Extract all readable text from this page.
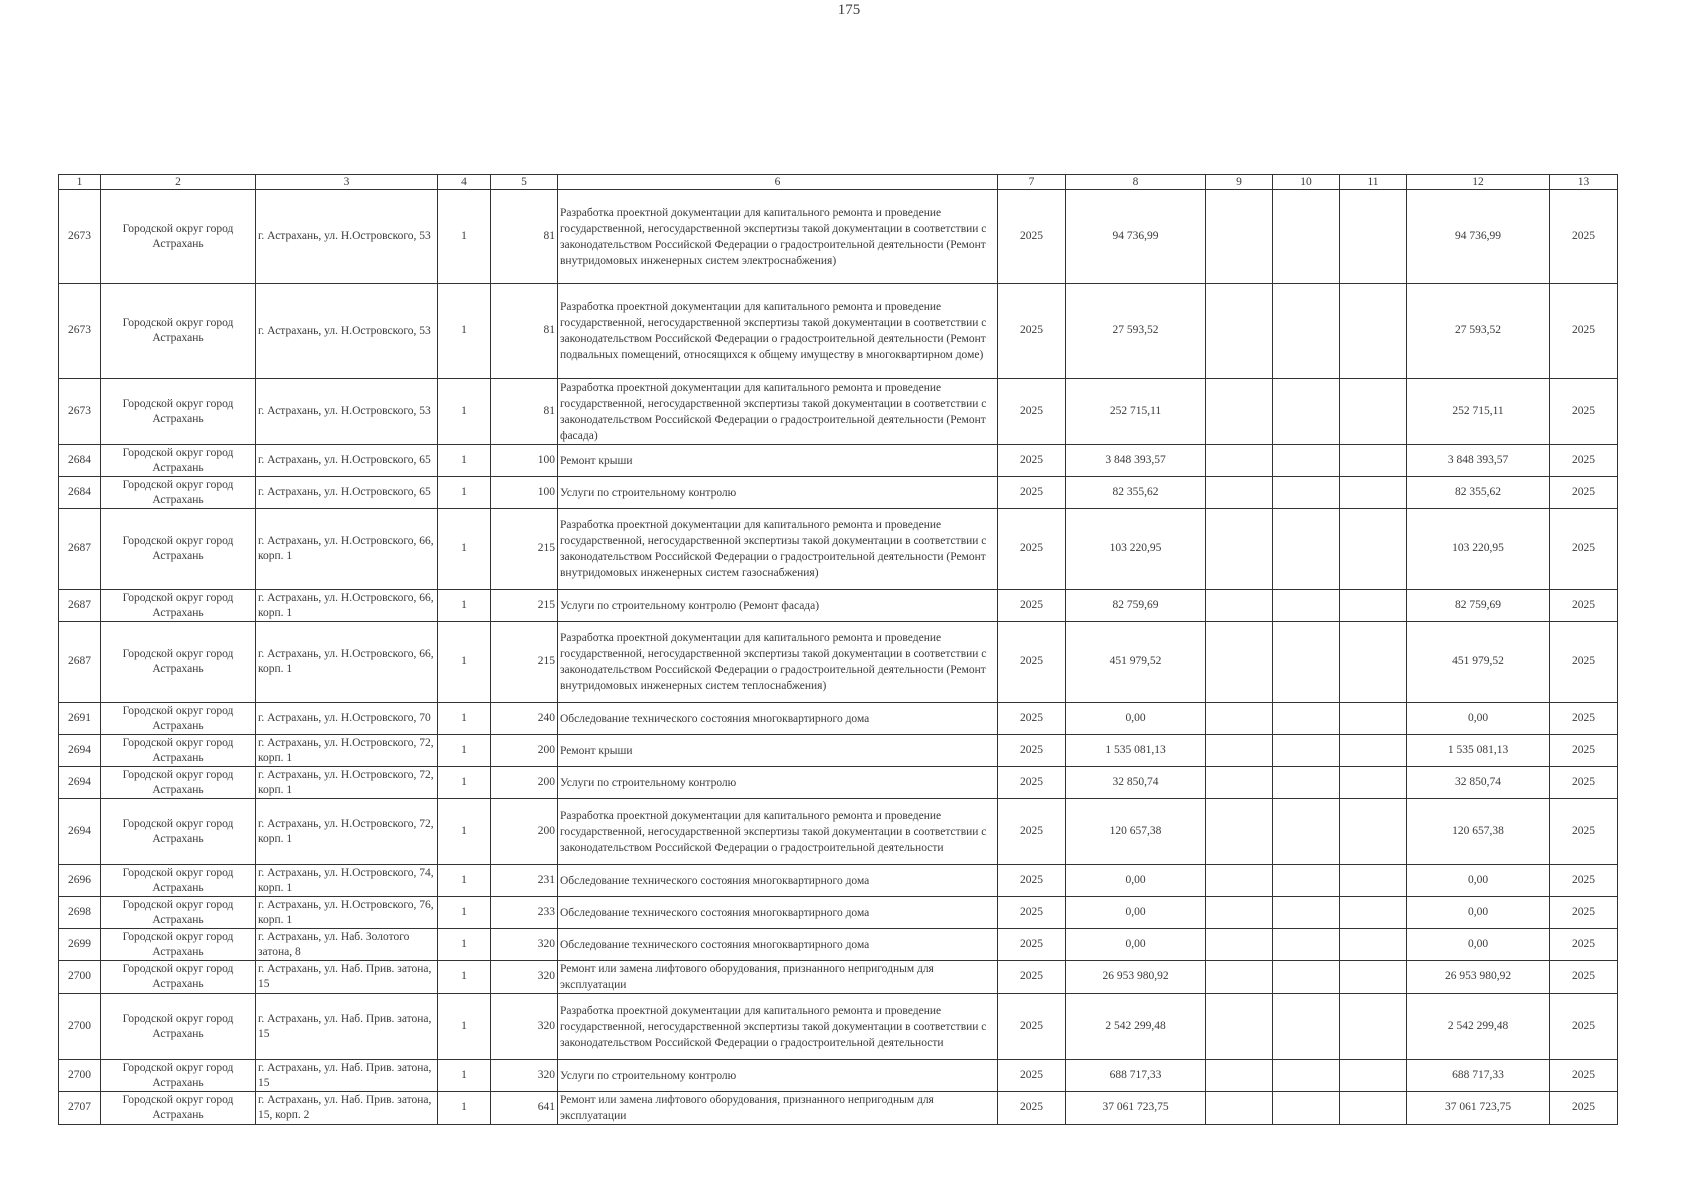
175
1	2	3	4	5	6	7	8	9	10	11	12	13
2673	Городской округ город Астрахань	г. Астрахань, ул. Н.Островского, 53	1	81	Разработка проектной документации для капитального ремонта и проведение государственной, негосударственной экспертизы такой документации в соответствии с законодательством Российской Федерации о градостроительной деятельности (Ремонт внутридомовых инженерных систем электроснабжения)	2025	94 736,99				94 736,99	2025
2673	Городской округ город Астрахань	г. Астрахань, ул. Н.Островского, 53	1	81	Разработка проектной документации для капитального ремонта и проведение государственной, негосударственной экспертизы такой документации в соответствии с законодательством Российской Федерации о градостроительной деятельности (Ремонт подвальных помещений, относящихся к общему имуществу в многоквартирном доме)	2025	27 593,52				27 593,52	2025
2673	Городской округ город Астрахань	г. Астрахань, ул. Н.Островского, 53	1	81	Разработка проектной документации для капитального ремонта и проведение государственной, негосударственной экспертизы такой документации в соответствии с законодательством Российской Федерации о градостроительной деятельности (Ремонт фасада)	2025	252 715,11				252 715,11	2025
2684	Городской округ город Астрахань	г. Астрахань, ул. Н.Островского, 65	1	100	Ремонт крыши	2025	3 848 393,57				3 848 393,57	2025
2684	Городской округ город Астрахань	г. Астрахань, ул. Н.Островского, 65	1	100	Услуги по строительному контролю	2025	82 355,62				82 355,62	2025
2687	Городской округ город Астрахань	г. Астрахань, ул. Н.Островского, 66, корп. 1	1	215	Разработка проектной документации для капитального ремонта и проведение государственной, негосударственной экспертизы такой документации в соответствии с законодательством Российской Федерации о градостроительной деятельности (Ремонт внутридомовых инженерных систем газоснабжения)	2025	103 220,95				103 220,95	2025
2687	Городской округ город Астрахань	г. Астрахань, ул. Н.Островского, 66, корп. 1	1	215	Услуги по строительному контролю (Ремонт фасада)	2025	82 759,69				82 759,69	2025
2687	Городской округ город Астрахань	г. Астрахань, ул. Н.Островского, 66, корп. 1	1	215	Разработка проектной документации для капитального ремонта и проведение государственной, негосударственной экспертизы такой документации в соответствии с законодательством Российской Федерации о градостроительной деятельности (Ремонт внутридомовых инженерных систем теплоснабжения)	2025	451 979,52				451 979,52	2025
2691	Городской округ город Астрахань	г. Астрахань, ул. Н.Островского, 70	1	240	Обследование технического состояния многоквартирного дома	2025	0,00				0,00	2025
2694	Городской округ город Астрахань	г. Астрахань, ул. Н.Островского, 72, корп. 1	1	200	Ремонт крыши	2025	1 535 081,13				1 535 081,13	2025
2694	Городской округ город Астрахань	г. Астрахань, ул. Н.Островского, 72, корп. 1	1	200	Услуги по строительному контролю	2025	32 850,74				32 850,74	2025
2694	Городской округ город Астрахань	г. Астрахань, ул. Н.Островского, 72, корп. 1	1	200	Разработка проектной документации для капитального ремонта и проведение государственной, негосударственной экспертизы такой документации в соответствии с законодательством Российской Федерации о градостроительной деятельности	2025	120 657,38				120 657,38	2025
2696	Городской округ город Астрахань	г. Астрахань, ул. Н.Островского, 74, корп. 1	1	231	Обследование технического состояния многоквартирного дома	2025	0,00				0,00	2025
2698	Городской округ город Астрахань	г. Астрахань, ул. Н.Островского, 76, корп. 1	1	233	Обследование технического состояния многоквартирного дома	2025	0,00				0,00	2025
2699	Городской округ город Астрахань	г. Астрахань, ул. Наб. Золотого затона, 8	1	320	Обследование технического состояния многоквартирного дома	2025	0,00				0,00	2025
2700	Городской округ город Астрахань	г. Астрахань, ул. Наб. Прив. затона, 15	1	320	Ремонт или замена лифтового оборудования, признанного непригодным для эксплуатации	2025	26 953 980,92				26 953 980,92	2025
2700	Городской округ город Астрахань	г. Астрахань, ул. Наб. Прив. затона, 15	1	320	Разработка проектной документации для капитального ремонта и проведение государственной, негосударственной экспертизы такой документации в соответствии с законодательством Российской Федерации о градостроительной деятельности	2025	2 542 299,48				2 542 299,48	2025
2700	Городской округ город Астрахань	г. Астрахань, ул. Наб. Прив. затона, 15	1	320	Услуги по строительному контролю	2025	688 717,33				688 717,33	2025
2707	Городской округ город Астрахань	г. Астрахань, ул. Наб. Прив. затона, 15, корп. 2	1	641	Ремонт или замена лифтового оборудования, признанного непригодным для эксплуатации	2025	37 061 723,75				37 061 723,75	2025
